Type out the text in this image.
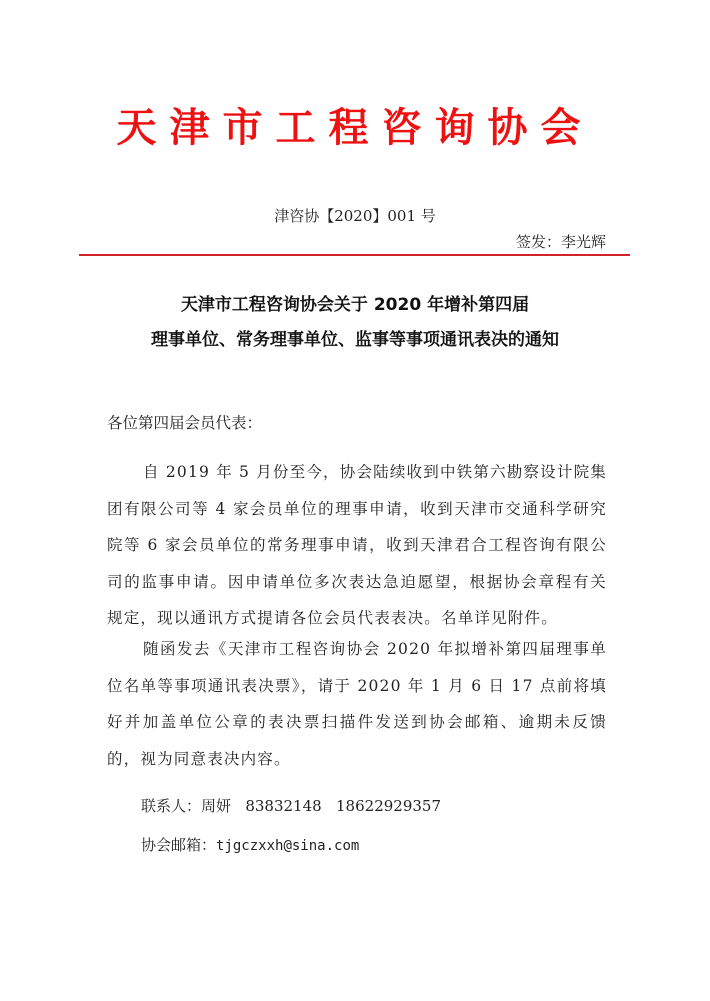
天津市工程咨询协会
津咨协【2020】001 号
签发：李光辉
天津市工程咨询协会关于 2020 年增补第四届
理事单位、常务理事单位、监事等事项通讯表决的通知
各位第四届会员代表：
自 2019 年 5 月份至今，协会陆续收到中铁第六勘察设计院集团有限公司等 4 家会员单位的理事申请，收到天津市交通科学研究院等 6 家会员单位的常务理事申请，收到天津君合工程咨询有限公司的监事申请。因申请单位多次表达急迫愿望，根据协会章程有关规定，现以通讯方式提请各位会员代表表决。名单详见附件。
随函发去《天津市工程咨询协会 2020 年拟增补第四届理事单位名单等事项通讯表决票》，请于 2020 年 1 月 6 日 17 点前将填好并加盖单位公章的表决票扫描件发送到协会邮箱、逾期未反馈的，视为同意表决内容。
联系人：周妍 83832148 18622929357
协会邮箱：tjgczxxh@sina.com
